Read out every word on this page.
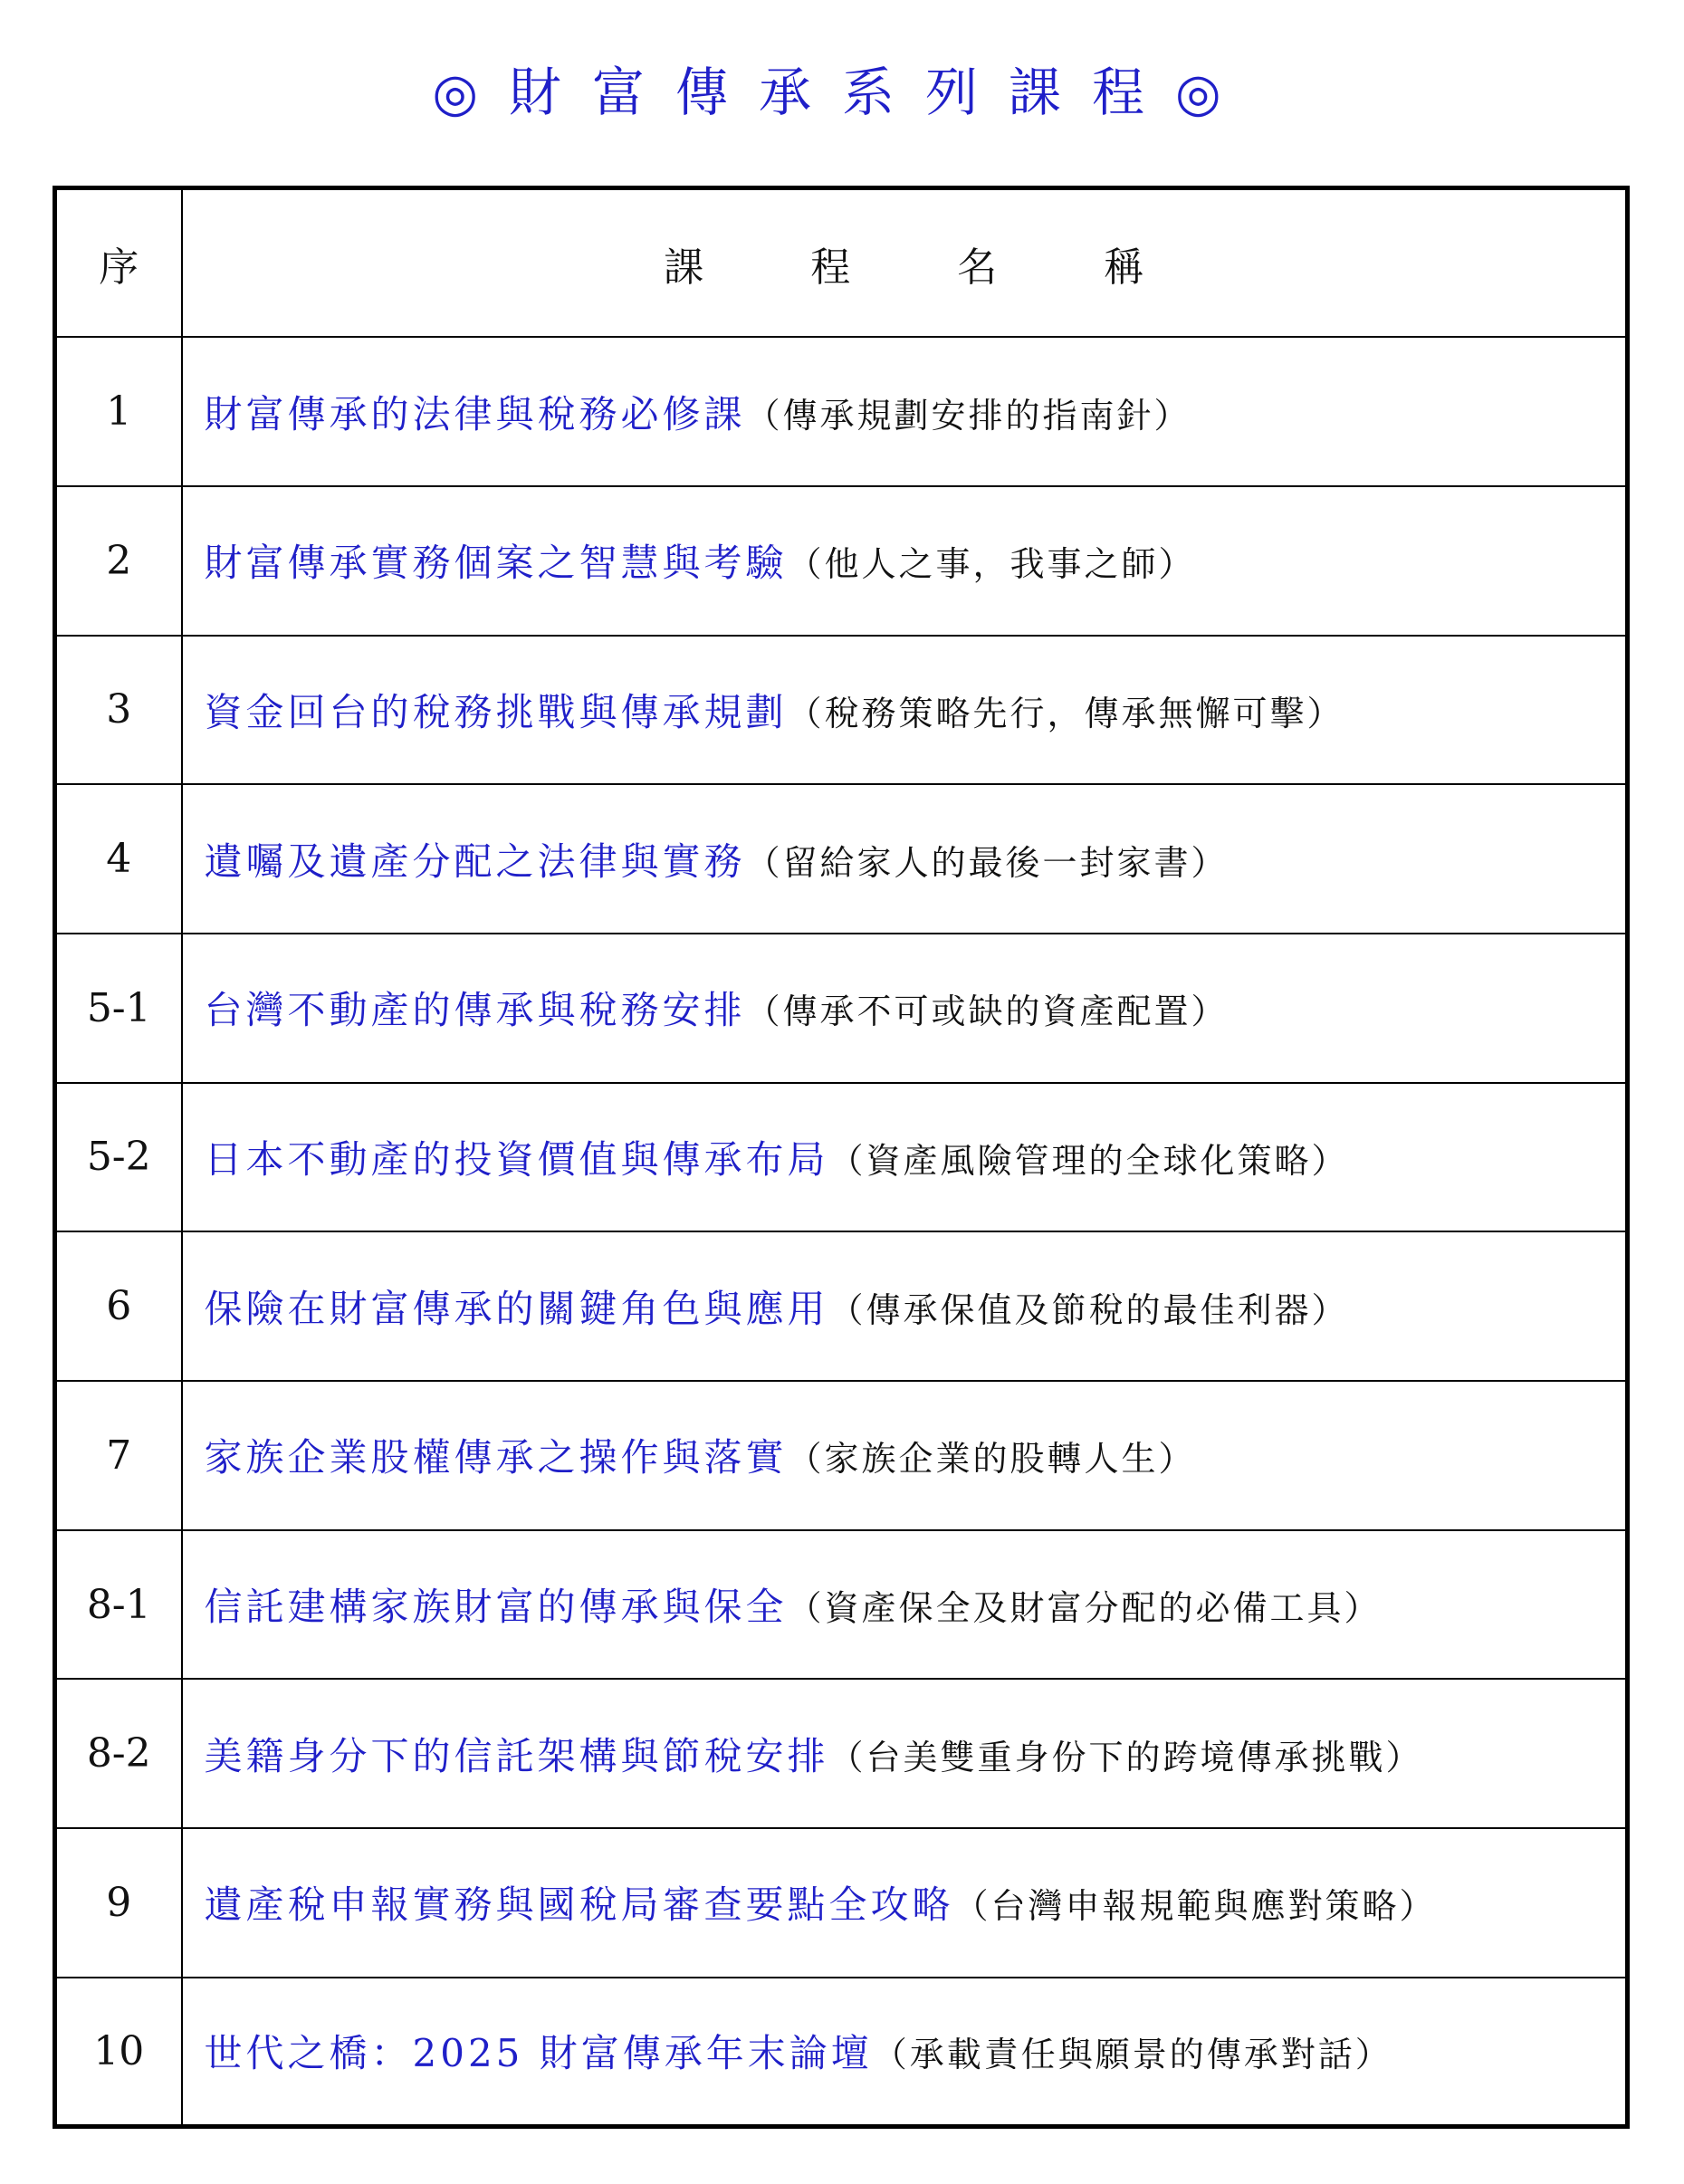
◎財富傳承系列課程◎
序	課程名稱
1	財富傳承的法律與稅務必修課（傳承規劃安排的指南針）
2	財富傳承實務個案之智慧與考驗（他人之事，我事之師）
3	資金回台的稅務挑戰與傳承規劃（稅務策略先行，傳承無懈可擊）
4	遺囑及遺產分配之法律與實務（留給家人的最後一封家書）
5-1	台灣不動產的傳承與稅務安排（傳承不可或缺的資產配置）
5-2	日本不動產的投資價值與傳承布局（資產風險管理的全球化策略）
6	保險在財富傳承的關鍵角色與應用（傳承保值及節稅的最佳利器）
7	家族企業股權傳承之操作與落實（家族企業的股轉人生）
8-1	信託建構家族財富的傳承與保全（資產保全及財富分配的必備工具）
8-2	美籍身分下的信託架構與節稅安排（台美雙重身份下的跨境傳承挑戰）
9	遺產稅申報實務與國稅局審查要點全攻略（台灣申報規範與應對策略）
10	世代之橋：2025 財富傳承年末論壇（承載責任與願景的傳承對話）
